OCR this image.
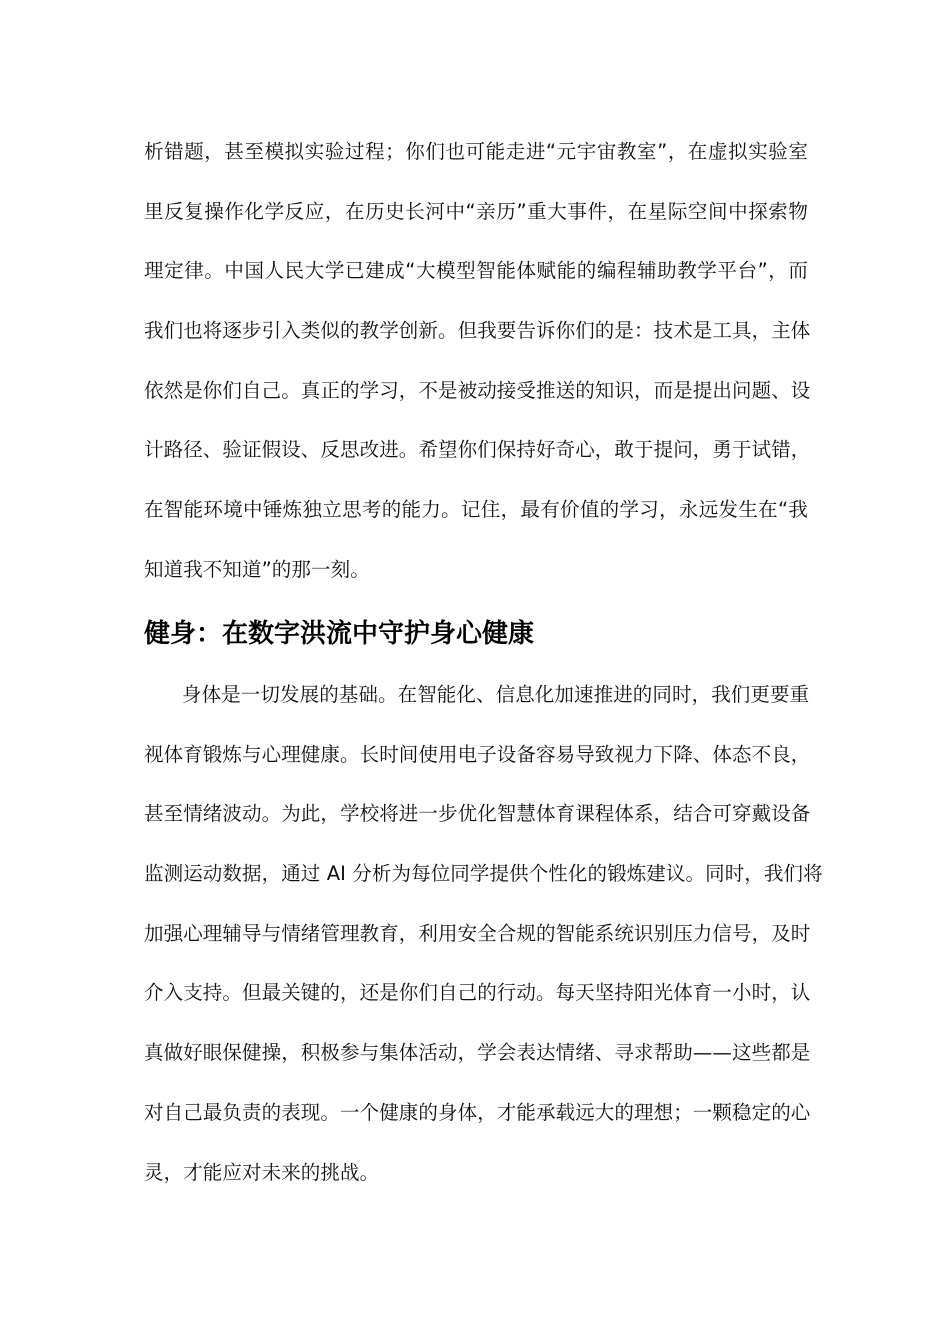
析错题，甚至模拟实验过程；你们也可能走进“元宇宙教室”，在虚拟实验室
里反复操作化学反应，在历史长河中“亲历”重大事件，在星际空间中探索物
理定律。中国人民大学已建成“大模型智能体赋能的编程辅助教学平台”，而
我们也将逐步引入类似的教学创新。但我要告诉你们的是：技术是工具，主体
依然是你们自己。真正的学习，不是被动接受推送的知识，而是提出问题、设
计路径、验证假设、反思改进。希望你们保持好奇心，敢于提问，勇于试错，
在智能环境中锤炼独立思考的能力。记住，最有价值的学习，永远发生在“我
知道我不知道”的那一刻。
健身：在数字洪流中守护身心健康
身体是一切发展的基础。在智能化、信息化加速推进的同时，我们更要重
视体育锻炼与心理健康。长时间使用电子设备容易导致视力下降、体态不良，
甚至情绪波动。为此，学校将进一步优化智慧体育课程体系，结合可穿戴设备
监测运动数据，通过 AI 分析为每位同学提供个性化的锻炼建议。同时，我们将
加强心理辅导与情绪管理教育，利用安全合规的智能系统识别压力信号，及时
介入支持。但最关键的，还是你们自己的行动。每天坚持阳光体育一小时，认
真做好眼保健操，积极参与集体活动，学会表达情绪、寻求帮助——这些都是
对自己最负责的表现。一个健康的身体，才能承载远大的理想；一颗稳定的心
灵，才能应对未来的挑战。
